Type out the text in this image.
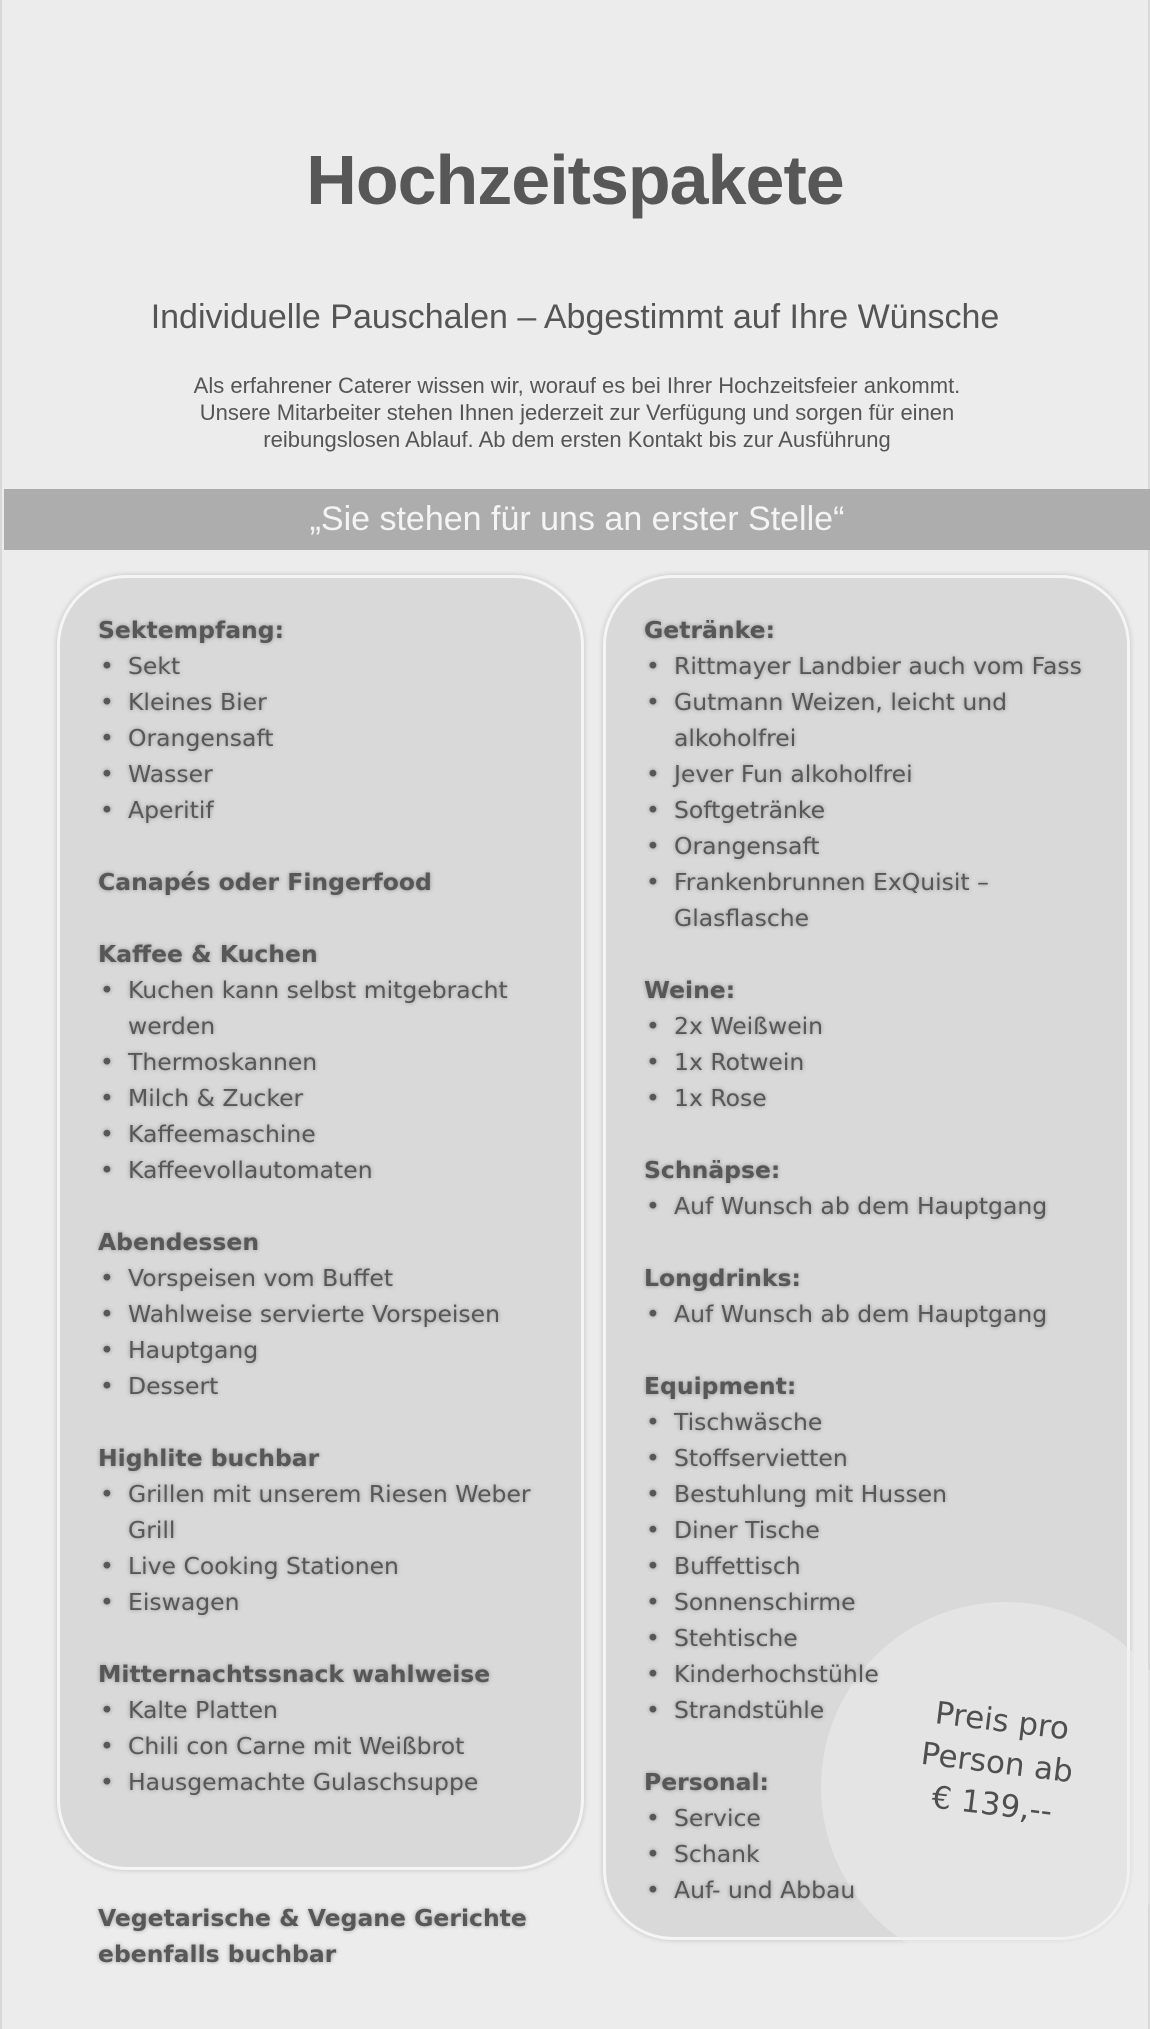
Hochzeitspakete
Individuelle Pauschalen – Abgestimmt auf Ihre Wünsche
Als erfahrener Caterer wissen wir, worauf es bei Ihrer Hochzeitsfeier ankommt.
Unsere Mitarbeiter stehen Ihnen jederzeit zur Verfügung und sorgen für einen
reibungslosen Ablauf. Ab dem ersten Kontakt bis zur Ausführung
„Sie stehen für uns an erster Stelle“
Sektempfang:
• Sekt
• Kleines Bier
• Orangensaft
• Wasser
• Aperitif
Canapés oder Fingerfood
Kaffee & Kuchen
• Kuchen kann selbst mitgebracht werden
• Thermoskannen
• Milch & Zucker
• Kaffeemaschine
• Kaffeevollautomaten
Abendessen
• Vorspeisen vom Buffet
• Wahlweise servierte Vorspeisen
• Hauptgang
• Dessert
Highlite buchbar
• Grillen mit unserem Riesen Weber Grill
• Live Cooking Stationen
• Eiswagen
Mitternachtssnack wahlweise
• Kalte Platten
• Chili con Carne mit Weißbrot
• Hausgemachte Gulaschsuppe
Getränke:
• Rittmayer Landbier auch vom Fass
• Gutmann Weizen, leicht und alkoholfrei
• Jever Fun alkoholfrei
• Softgetränke
• Orangensaft
• Frankenbrunnen ExQuisit – Glasflasche
Weine:
• 2x Weißwein
• 1x Rotwein
• 1x Rose
Schnäpse:
• Auf Wunsch ab dem Hauptgang
Longdrinks:
• Auf Wunsch ab dem Hauptgang
Equipment:
• Tischwäsche
• Stoffservietten
• Bestuhlung mit Hussen
• Diner Tische
• Buffettisch
• Sonnenschirme
• Stehtische
• Kinderhochstühle
• Strandstühle
Personal:
• Service
• Schank
• Auf- und Abbau
Vegetarische & Vegane Gerichte
ebenfalls buchbar
Preis pro
Person ab
€ 139,--
